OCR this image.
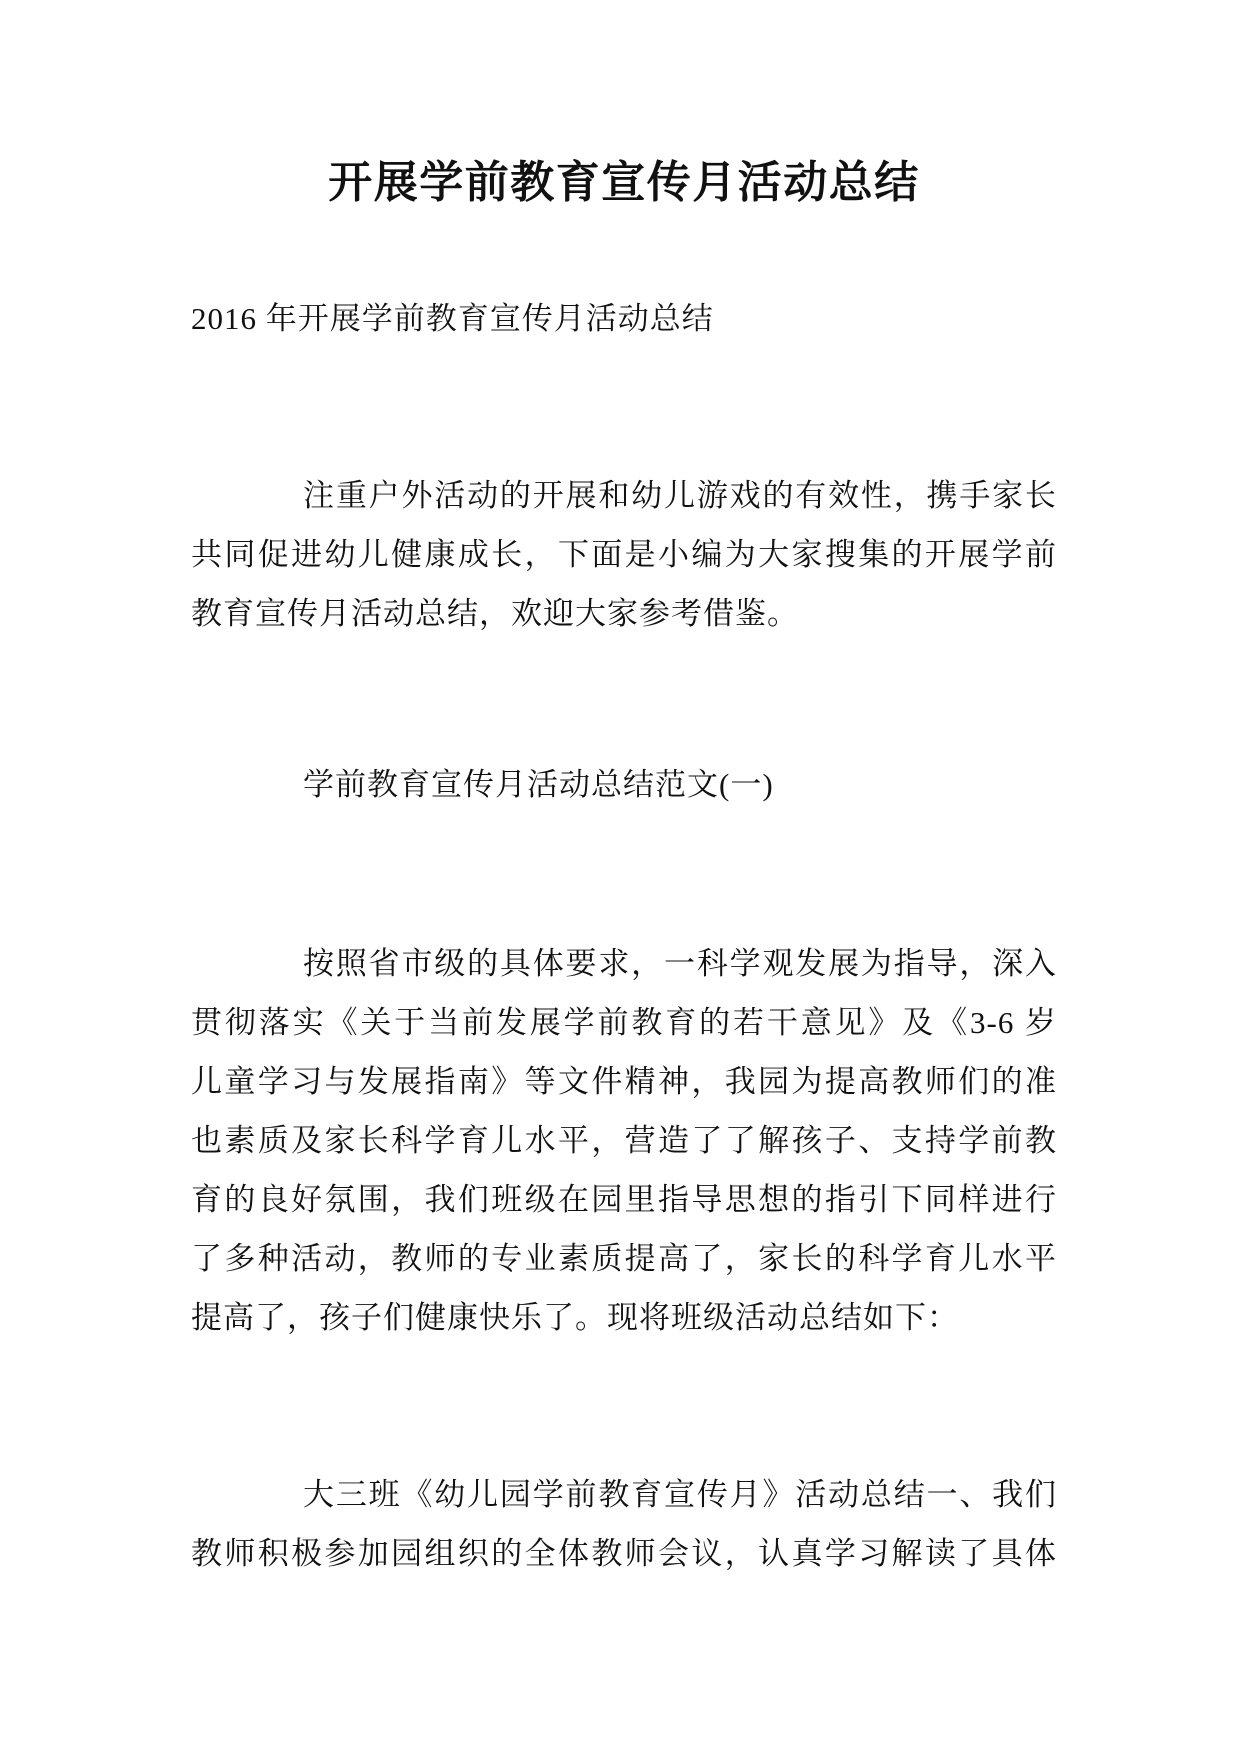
开展学前教育宣传月活动总结
2016 年开展学前教育宣传月活动总结
注重户外活动的开展和幼儿游戏的有效性，携手家长
共同促进幼儿健康成长，下面是小编为大家搜集的开展学前
教育宣传月活动总结，欢迎大家参考借鉴。
学前教育宣传月活动总结范文(一)
按照省市级的具体要求，一科学观发展为指导，深入
贯彻落实《关于当前发展学前教育的若干意见》及《3-6 岁
儿童学习与发展指南》等文件精神，我园为提高教师们的准
也素质及家长科学育儿水平，营造了了解孩子、支持学前教
育的良好氛围，我们班级在园里指导思想的指引下同样进行
了多种活动，教师的专业素质提高了，家长的科学育儿水平
提高了，孩子们健康快乐了。现将班级活动总结如下：
大三班《幼儿园学前教育宣传月》活动总结一、我们
教师积极参加园组织的全体教师会议，认真学习解读了具体
